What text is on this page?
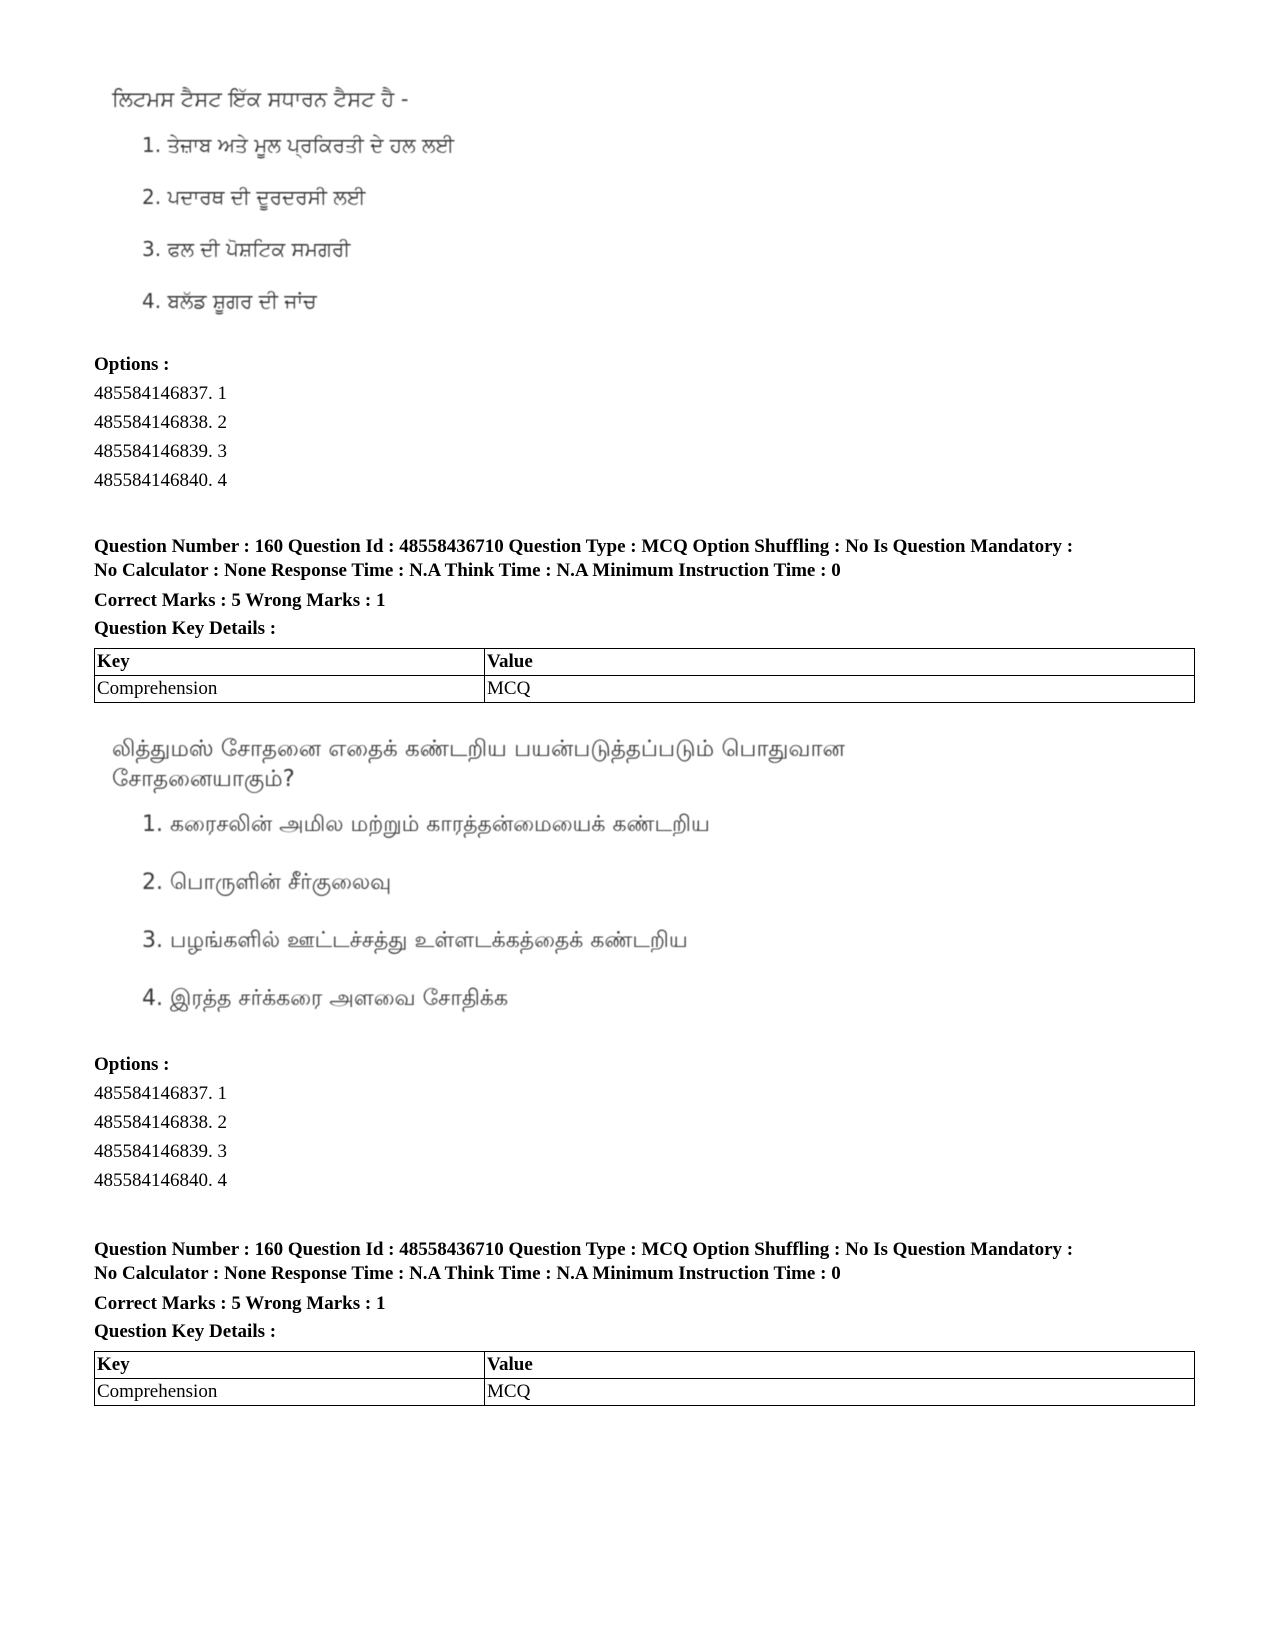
ਲਿਟਮਸ ਟੈਸਟ ਇੱਕ ਸਧਾਰਨ ਟੈਸਟ ਹੈ -
1. ਤੇਜ਼ਾਬ ਅਤੇ ਮੂਲ ਪ੍ਰਕਿਰਤੀ ਦੇ ਹਲ ਲਈ
2. ਪਦਾਰਥ ਦੀ ਦੂਰਦਰਸੀ ਲਈ
3. ਫਲ ਦੀ ਪੋਸ਼ਟਿਕ ਸਮਗਰੀ
4. ਬਲੱਡ ਸ਼ੂਗਰ ਦੀ ਜਾਂਚ
Options :
485584146837. 1
485584146838. 2
485584146839. 3
485584146840. 4
Question Number : 160 Question Id : 48558436710 Question Type : MCQ Option Shuffling : No Is Question Mandatory :
No Calculator : None Response Time : N.A Think Time : N.A Minimum Instruction Time : 0
Correct Marks : 5 Wrong Marks : 1
Question Key Details :
Key	Value
Comprehension	MCQ
லித்துமஸ் சோதனை எதைக் கண்டறிய பயன்படுத்தப்படும் பொதுவான
சோதனையாகும்?
1. கரைசலின் அமில மற்றும் காரத்தன்மையைக் கண்டறிய
2. பொருளின் சீர்குலைவு
3. பழங்களில் ஊட்டச்சத்து உள்ளடக்கத்தைக் கண்டறிய
4. இரத்த சர்க்கரை அளவை சோதிக்க
Options :
485584146837. 1
485584146838. 2
485584146839. 3
485584146840. 4
Question Number : 160 Question Id : 48558436710 Question Type : MCQ Option Shuffling : No Is Question Mandatory :
No Calculator : None Response Time : N.A Think Time : N.A Minimum Instruction Time : 0
Correct Marks : 5 Wrong Marks : 1
Question Key Details :
Key	Value
Comprehension	MCQ
